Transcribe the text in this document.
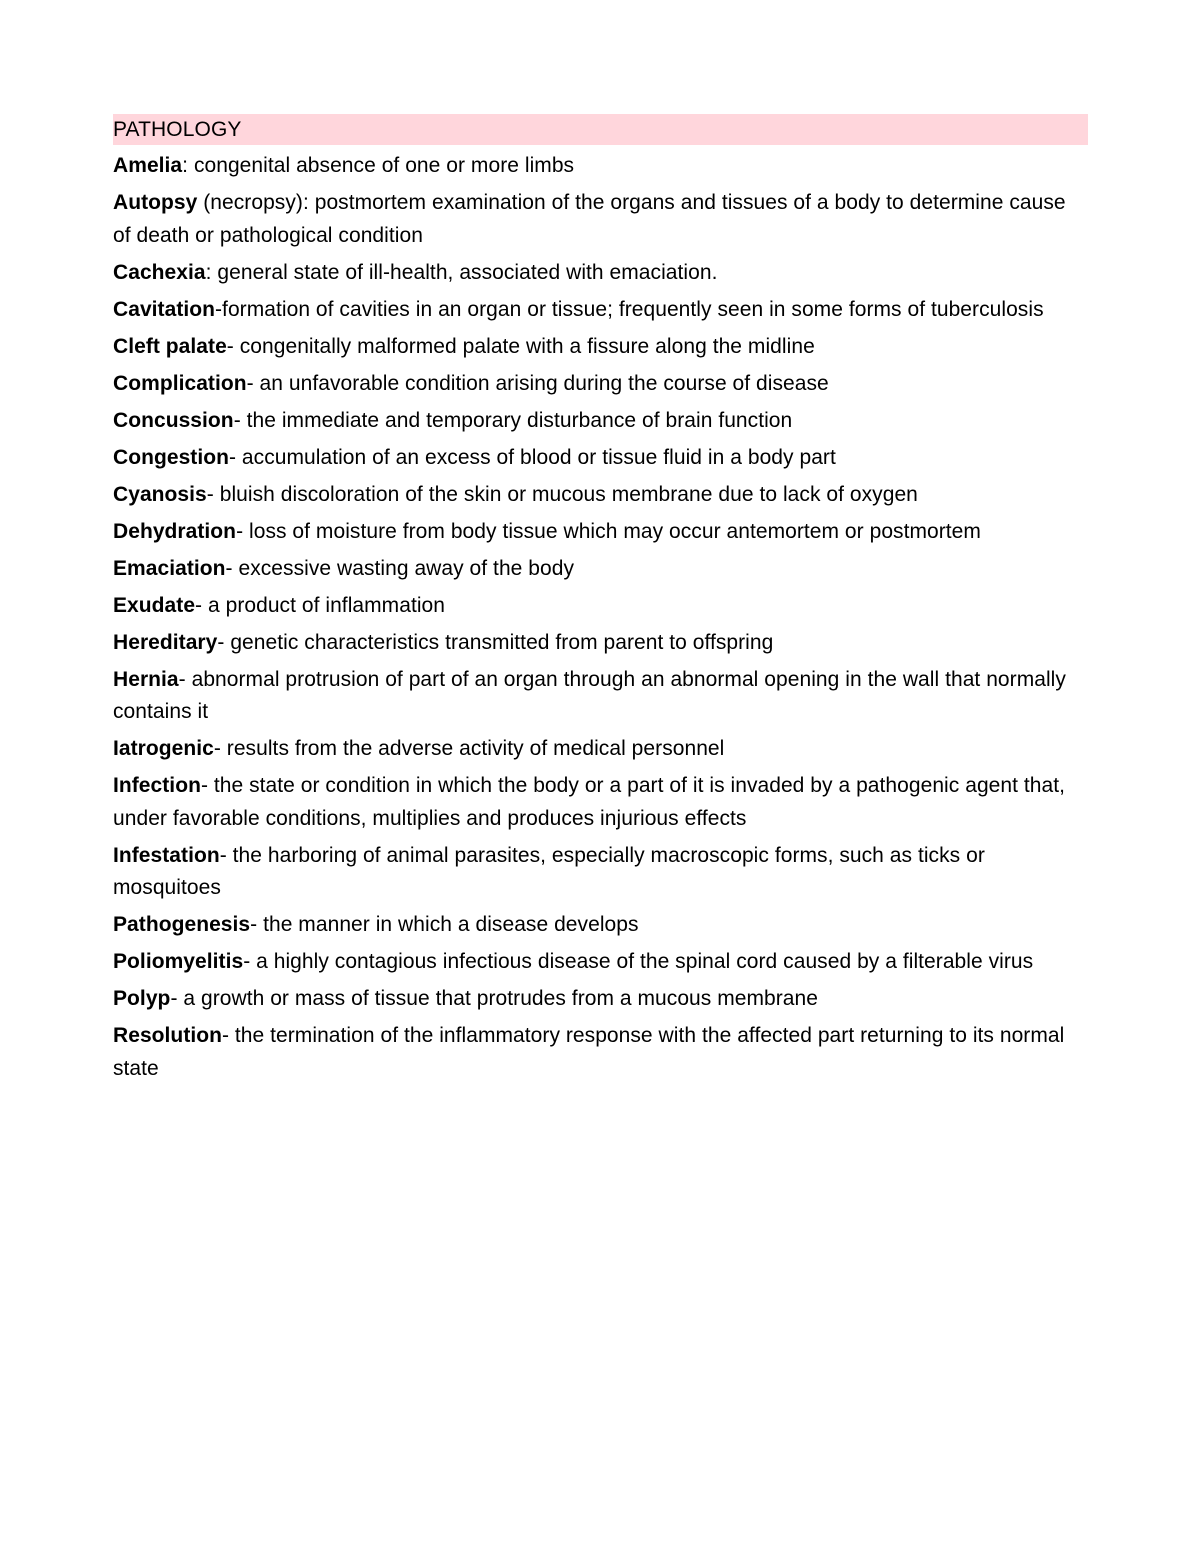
PATHOLOGY
Amelia: congenital absence of one or more limbs
Autopsy (necropsy): postmortem examination of the organs and tissues of a body to determine cause of death or pathological condition
Cachexia: general state of ill-health, associated with emaciation.
Cavitation-formation of cavities in an organ or tissue; frequently seen in some forms of tuberculosis
Cleft palate- congenitally malformed palate with a fissure along the midline
Complication- an unfavorable condition arising during the course of disease
Concussion- the immediate and temporary disturbance of brain function
Congestion- accumulation of an excess of blood or tissue fluid in a body part
Cyanosis- bluish discoloration of the skin or mucous membrane due to lack of oxygen
Dehydration- loss of moisture from body tissue which may occur antemortem or postmortem
Emaciation- excessive wasting away of the body
Exudate- a product of inflammation
Hereditary- genetic characteristics transmitted from parent to offspring
Hernia- abnormal protrusion of part of an organ through an abnormal opening in the wall that normally contains it
Iatrogenic- results from the adverse activity of medical personnel
Infection- the state or condition in which the body or a part of it is invaded by a pathogenic agent that, under favorable conditions, multiplies and produces injurious effects
Infestation- the harboring of animal parasites, especially macroscopic forms, such as ticks or mosquitoes
Pathogenesis- the manner in which a disease develops
Poliomyelitis- a highly contagious infectious disease of the spinal cord caused by a filterable virus
Polyp- a growth or mass of tissue that protrudes from a mucous membrane
Resolution- the termination of the inflammatory response with the affected part returning to its normal state
